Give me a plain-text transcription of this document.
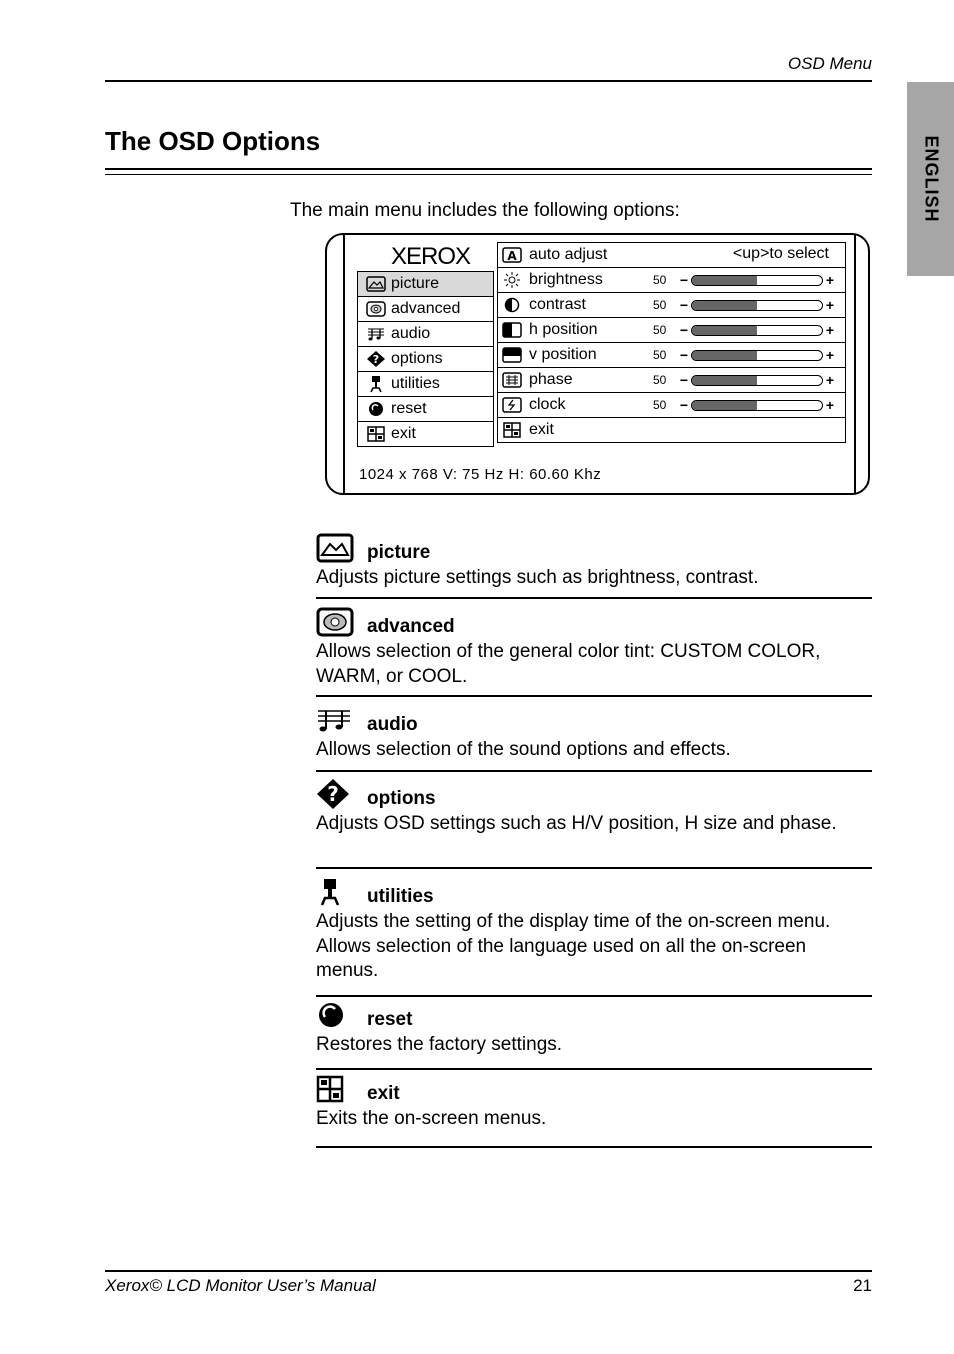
OSD Menu
ENGLISH
The OSD Options
The main menu includes the following options:
XEROX
picture
advanced
audio
? options
utilities
reset
exit
A auto adjust	<up>to select
brightness	50 −	+
contrast	50 −	+
h position	50 −	+
v position	50 −	+
phase	50 −	+
clock	50 −	+
exit
1024 x 768 V: 75 Hz H: 60.60 Khz
picture
Adjusts picture settings such as brightness, contrast.
advanced
Allows selection of the general color tint: CUSTOM COLOR, WARM, or COOL.
audio
Allows selection of the sound options and effects.
? options
Adjusts OSD settings such as H/V position, H size and phase.
utilities
Adjusts the setting of the display time of the on-screen menu. Allows selection of the language used on all the on-screen menus.
reset
Restores the factory settings.
exit
Exits the on-screen menus.
Xerox© LCD Monitor User’s Manual	21
